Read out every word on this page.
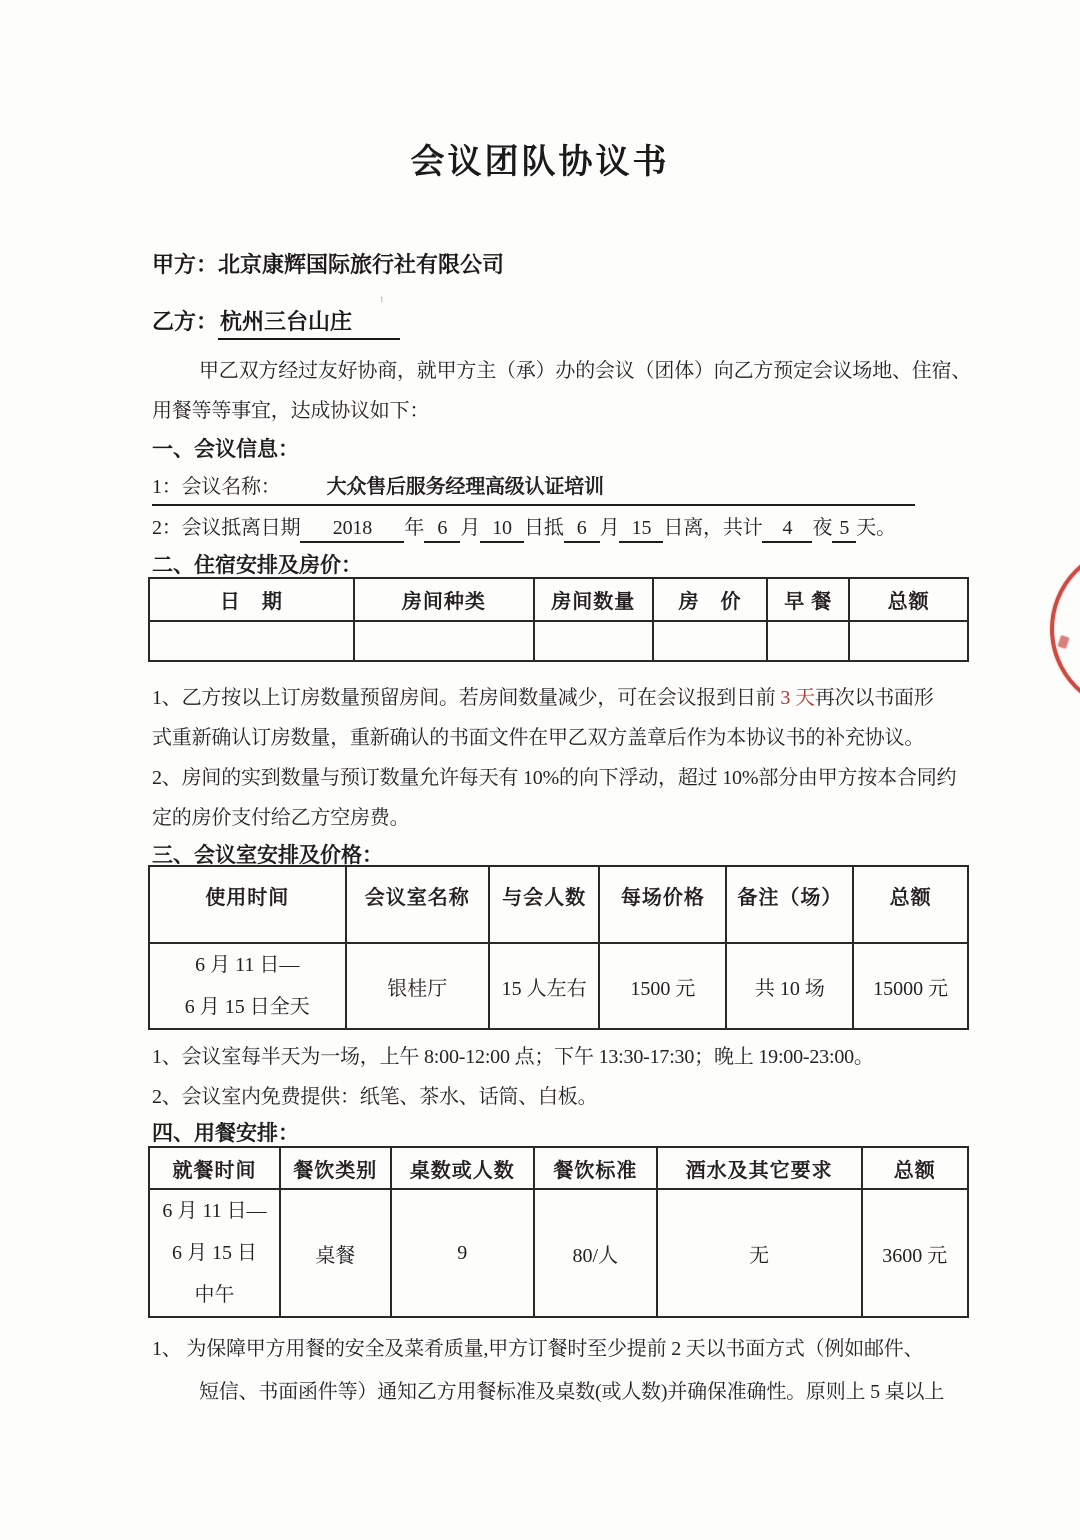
会议团队协议书
甲方：北京康辉国际旅行社有限公司
¹
乙方：杭州三台山庄
甲乙双方经过友好协商，就甲方主（承）办的会议（团体）向乙方预定会议场地、住宿、
用餐等等事宜，达成协议如下：
一、会议信息：
1：会议名称： 大众售后服务经理高级认证培训
2：会议抵离日期 2018 年 6 月 10 日抵 6 月 15 日离，共计 4 夜 5 天。
二、住宿安排及房价：
日　期	房间种类	房间数量	房　价	早 餐	总额

1、乙方按以上订房数量预留房间。若房间数量减少，可在会议报到日前 3 天再次以书面形
式重新确认订房数量，重新确认的书面文件在甲乙双方盖章后作为本协议书的补充协议。
2、房间的实到数量与预订数量允许每天有 10%的向下浮动，超过 10%部分由甲方按本合同约
定的房价支付给乙方空房费。
三、会议室安排及价格：
使用时间	会议室名称	与会人数	每场价格	备注（场）	总额

6 月 11 日—
6 月 15 日全天	银桂厅	15 人左右	1500 元	共 10 场	15000 元
1、会议室每半天为一场，上午 8:00-12:00 点；下午 13:30-17:30；晚上 19:00-23:00。
2、会议室内免费提供：纸笔、茶水、话筒、白板。
四、用餐安排：
就餐时间	餐饮类别	桌数或人数	餐饮标准	酒水及其它要求	总额

6 月 11 日—
6 月 15 日
中午	桌餐	9	80/人	无	3600 元
1、 为保障甲方用餐的安全及菜肴质量,甲方订餐时至少提前 2 天以书面方式（例如邮件、
短信、书面函件等）通知乙方用餐标准及桌数(或人数)并确保准确性。原则上 5 桌以上
